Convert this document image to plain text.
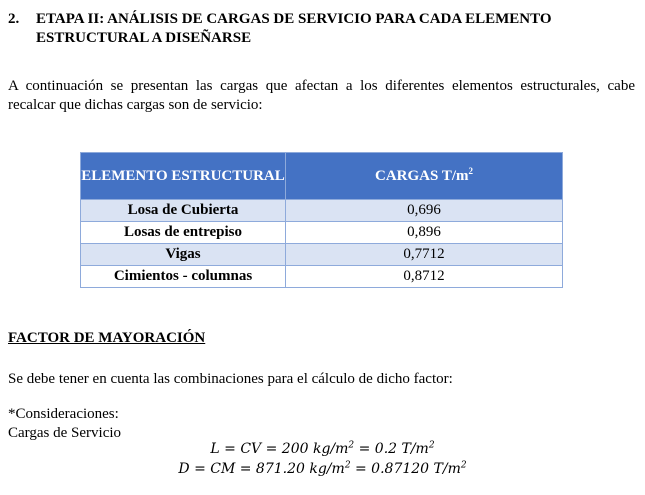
2. ETAPA II: ANÁLISIS DE CARGAS DE SERVICIO PARA CADA ELEMENTO ESTRUCTURAL A DISEÑARSE
A continuación se presentan las cargas que afectan a los diferentes elementos estructurales, cabe recalcar que dichas cargas son de servicio:
ELEMENTO ESTRUCTURAL	CARGAS $T/m^2$
Losa de Cubierta	0,696
Losas de entrepiso	0,896
Vigas	0,7712
Cimientos - columnas	0,8712
FACTOR DE MAYORACIÓN
Se debe tener en cuenta las combinaciones para el cálculo de dicho factor:
*Consideraciones:
Cargas de Servicio
L = CV = 200 $kg/m^2 = 0.2$ $T/m^2$
D = CM = 871.20 $kg/m^2 = 0.87120$ $T/m^2$
